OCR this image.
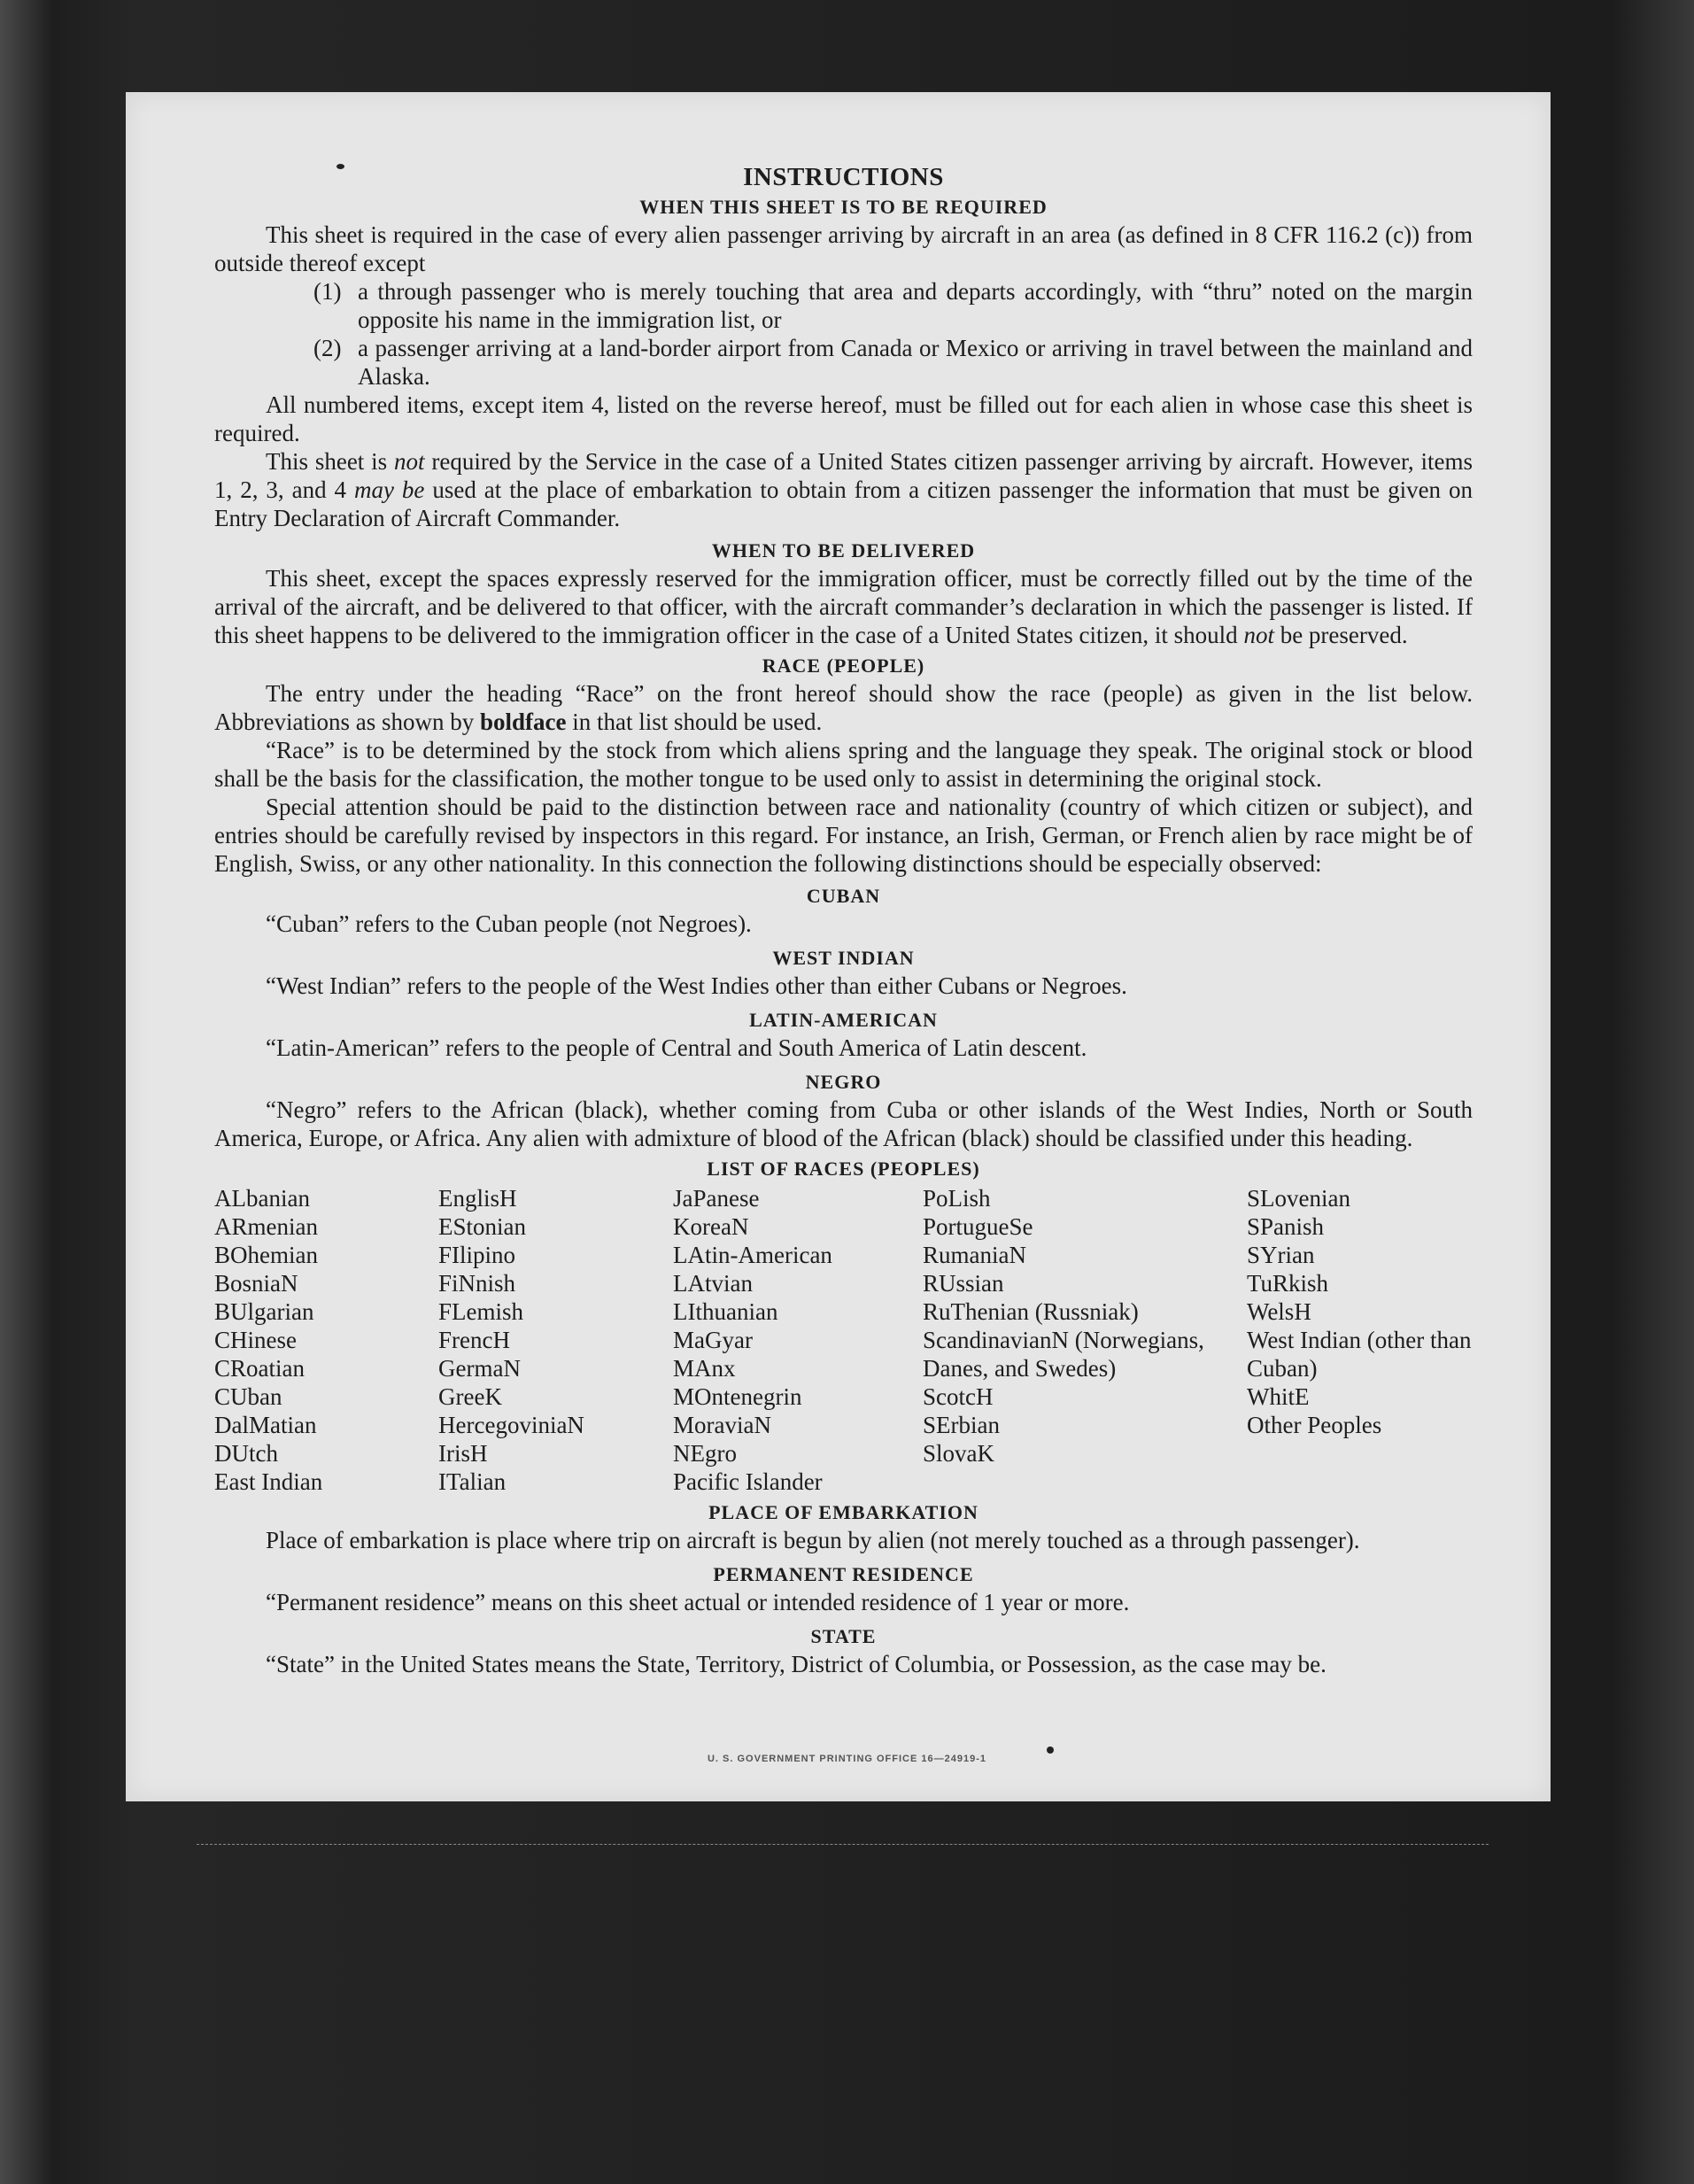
INSTRUCTIONS
WHEN THIS SHEET IS TO BE REQUIRED

This sheet is required in the case of every alien passenger arriving by aircraft in an area (as defined in 8 CFR 116.2 (c)) from outside thereof except

(1) a through passenger who is merely touching that area and departs accordingly, with “thru” noted on the margin opposite his name in the immigration list, or
(2) a passenger arriving at a land-border airport from Canada or Mexico or arriving in travel between the mainland and Alaska.

All numbered items, except item 4, listed on the reverse hereof, must be filled out for each alien in whose case this sheet is required.

This sheet is not required by the Service in the case of a United States citizen passenger arriving by aircraft. However, items 1, 2, 3, and 4 may be used at the place of embarkation to obtain from a citizen passenger the information that must be given on Entry Declaration of Aircraft Commander.

WHEN TO BE DELIVERED

This sheet, except the spaces expressly reserved for the immigration officer, must be correctly filled out by the time of the arrival of the aircraft, and be delivered to that officer, with the aircraft commander’s declaration in which the passenger is listed. If this sheet happens to be delivered to the immigration officer in the case of a United States citizen, it should not be preserved.

RACE (PEOPLE)

The entry under the heading “Race” on the front hereof should show the race (people) as given in the list below. Abbreviations as shown by boldface in that list should be used.

“Race” is to be determined by the stock from which aliens spring and the language they speak. The original stock or blood shall be the basis for the classification, the mother tongue to be used only to assist in determining the original stock.

Special attention should be paid to the distinction between race and nationality (country of which citizen or subject), and entries should be carefully revised by inspectors in this regard. For instance, an Irish, German, or French alien by race might be of English, Swiss, or any other nationality. In this connection the following distinctions should be especially observed:

CUBAN

“Cuban” refers to the Cuban people (not Negroes).

WEST INDIAN

“West Indian” refers to the people of the West Indies other than either Cubans or Negroes.

LATIN-AMERICAN

“Latin-American” refers to the people of Central and South America of Latin descent.

NEGRO

“Negro” refers to the African (black), whether coming from Cuba or other islands of the West Indies, North or South America, Europe, or Africa. Any alien with admixture of blood of the African (black) should be classified under this heading.

LIST OF RACES (PEOPLES)
ALbanian
ARmenian
BOhemian
BosniaN
BUlgarian
CHinese
CRoatian
CUban
DalMatian
DUtch
East Indian
EnglisH
EStonian
FIlipino
FiNnish
FLemish
FrencH
GermaN
GreeK
HercegoviniaN
IrisH
ITalian
JaPanese
KoreaN
LAtin-American
LAtvian
LIthuanian
MaGyar
MAnx
MOntenegrin
MoraviaN
NEgro
Pacific Islander
PoLish
PortugueSe
RumaniaN
RUssian
RuThenian (Russniak)
ScandinavianN (Norwegians, Danes, and Swedes)
ScotcH
SErbian
SlovaK
SLovenian
SPanish
SYrian
TuRkish
WelsH
West Indian (other than Cuban)
WhitE
Other Peoples
PLACE OF EMBARKATION

Place of embarkation is place where trip on aircraft is begun by alien (not merely touched as a through passenger).

PERMANENT RESIDENCE

“Permanent residence” means on this sheet actual or intended residence of 1 year or more.

STATE

“State” in the United States means the State, Territory, District of Columbia, or Possession, as the case may be.

U. S. GOVERNMENT PRINTING OFFICE 16—24919-1
